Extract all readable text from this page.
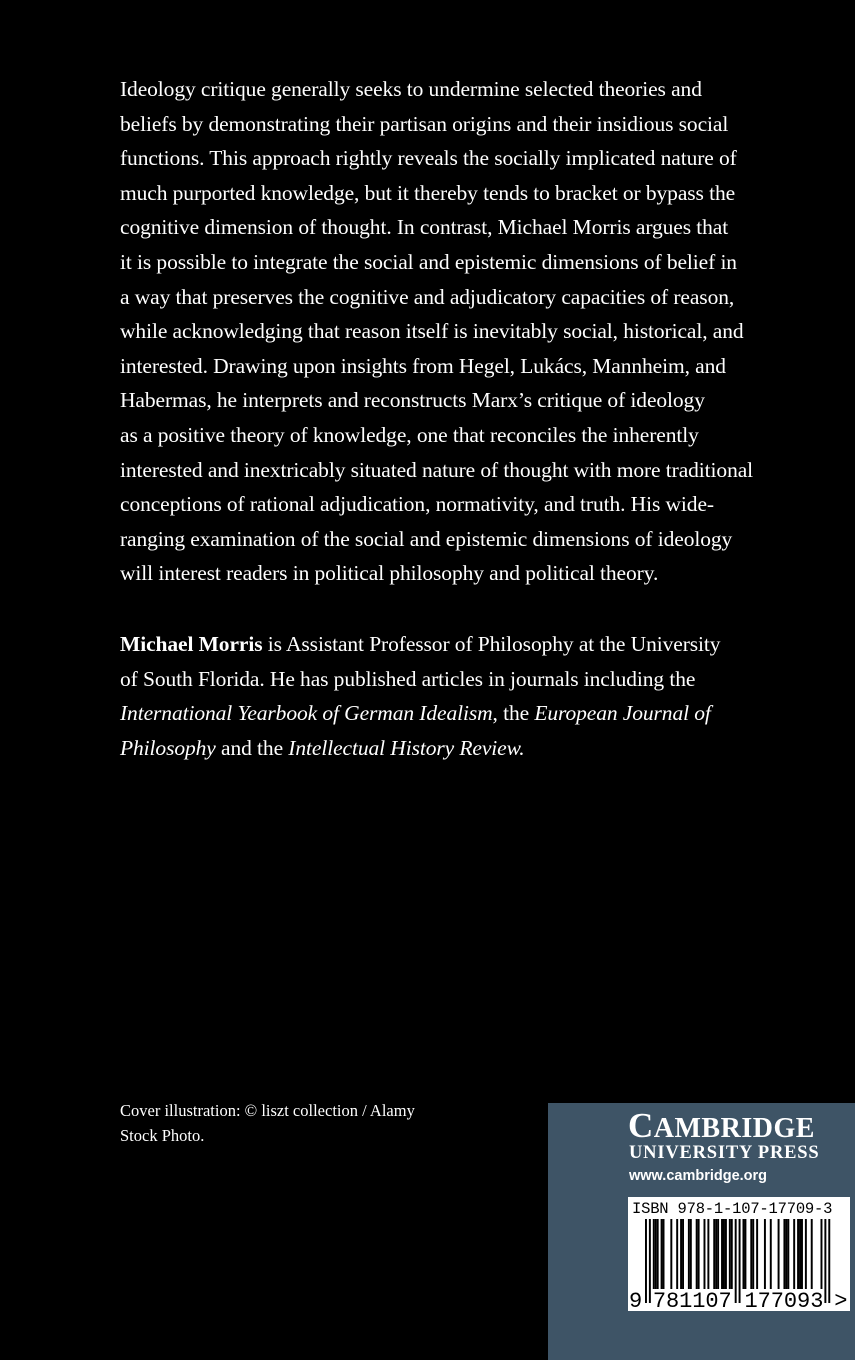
Ideology critique generally seeks to undermine selected theories and
beliefs by demonstrating their partisan origins and their insidious social
functions. This approach rightly reveals the socially implicated nature of
much purported knowledge, but it thereby tends to bracket or bypass the
cognitive dimension of thought. In contrast, Michael Morris argues that
it is possible to integrate the social and epistemic dimensions of belief in
a way that preserves the cognitive and adjudicatory capacities of reason,
while acknowledging that reason itself is inevitably social, historical, and
interested. Drawing upon insights from Hegel, Lukács, Mannheim, and
Habermas, he interprets and reconstructs Marx’s critique of ideology
as a positive theory of knowledge, one that reconciles the inherently
interested and inextricably situated nature of thought with more traditional
conceptions of rational adjudication, normativity, and truth. His wide-
ranging examination of the social and epistemic dimensions of ideology
will interest readers in political philosophy and political theory.
Michael Morris is Assistant Professor of Philosophy at the University
of South Florida. He has published articles in journals including the
International Yearbook of German Idealism, the European Journal of
Philosophy and the Intellectual History Review.
Cover illustration: © liszt collection / Alamy
Stock Photo.	CAMBRIDGE
UNIVERSITY PRESS
www.cambridge.org
ISBN 978-1-107-17709-3
9 781107 177093 >
